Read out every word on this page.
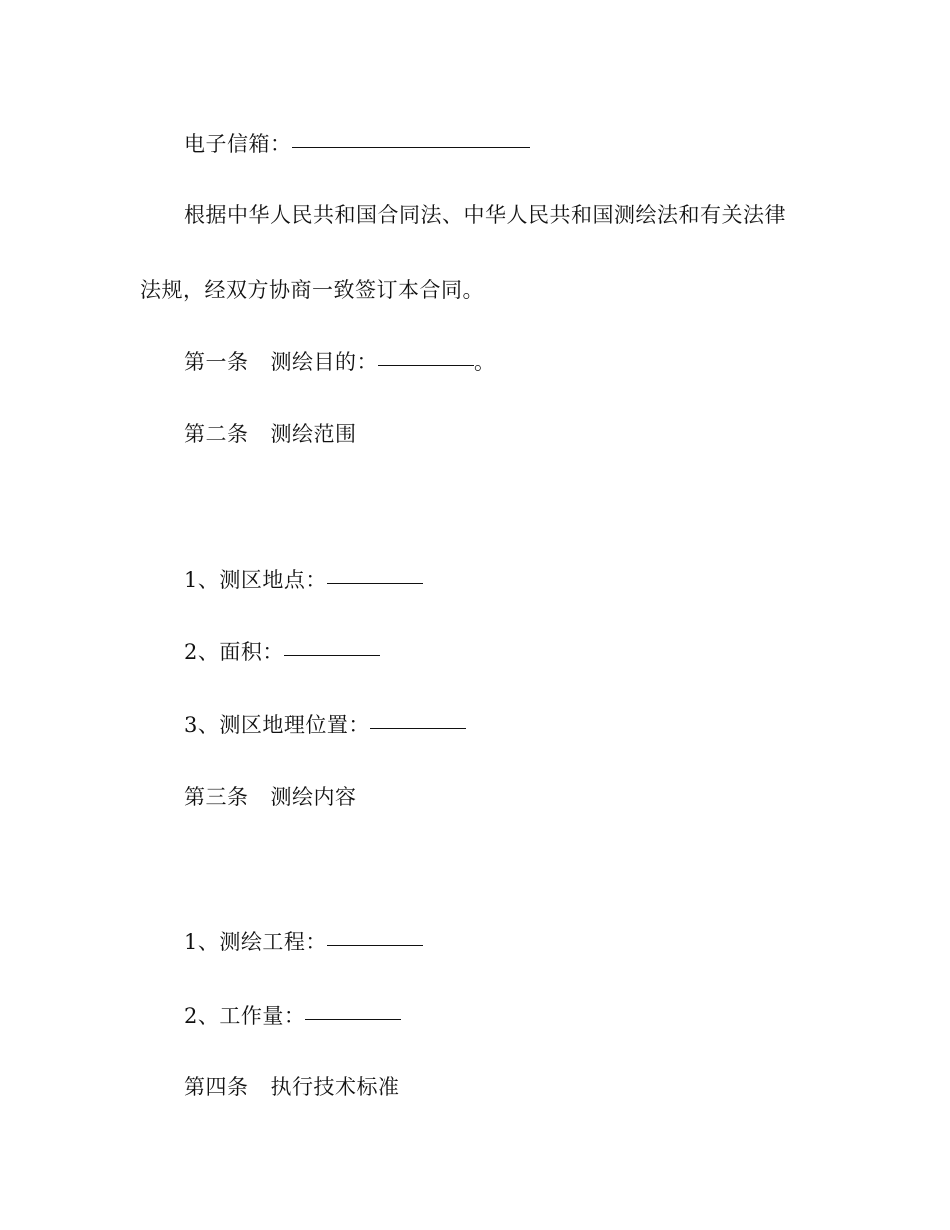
电子信箱：
根据中华人民共和国合同法、中华人民共和国测绘法和有关法律
法规，经双方协商一致签订本合同。
第一条 测绘目的：	。
第二条 测绘范围
1、测区地点：
2、面积：
3、测区地理位置：
第三条 测绘内容
1、测绘工程：
2、工作量：
第四条 执行技术标准
